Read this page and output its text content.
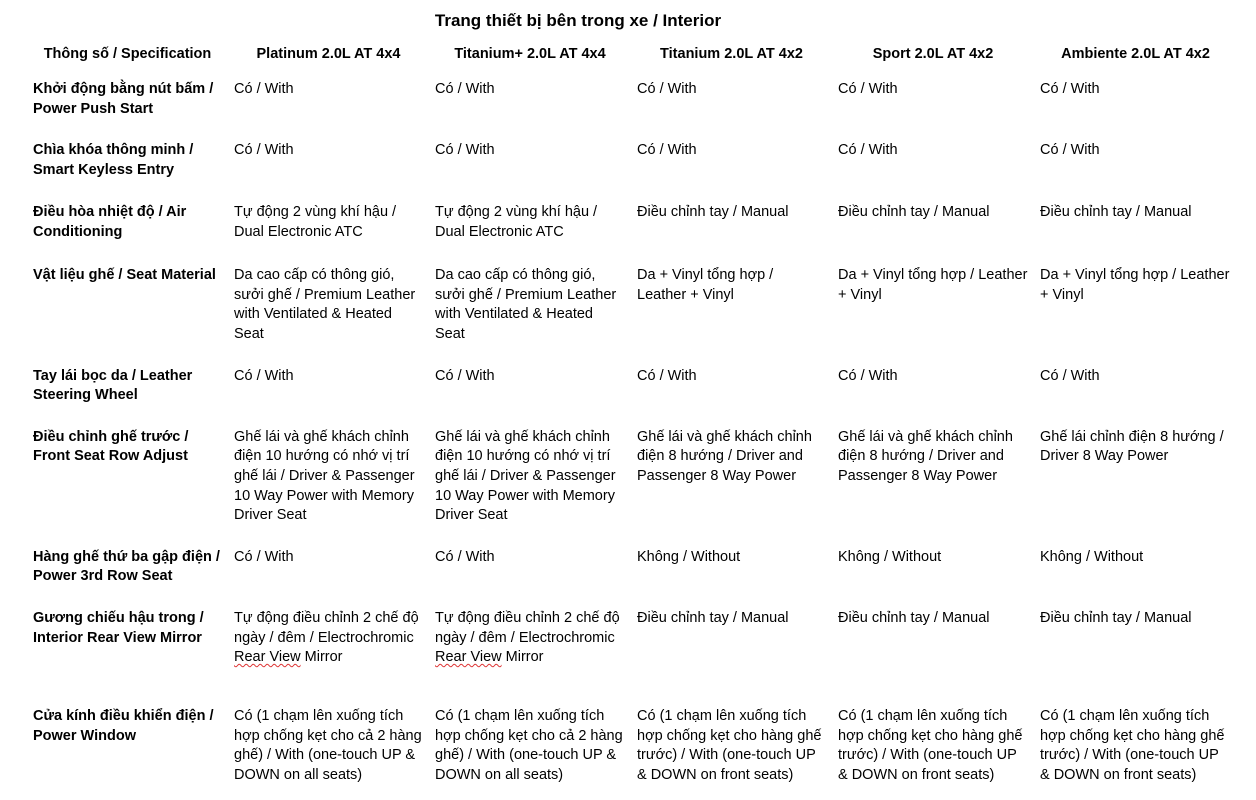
Trang thiết bị bên trong xe / Interior
Thông số / Specification	Platinum 2.0L AT 4x4	Titanium+ 2.0L AT 4x4	Titanium 2.0L AT 4x2	Sport 2.0L AT 4x2	Ambiente 2.0L AT 4x2
Khởi động bằng nút bấm / Power Push Start	Có / With	Có / With	Có / With	Có / With	Có / With
Chìa khóa thông minh / Smart Keyless Entry	Có / With	Có / With	Có / With	Có / With	Có / With
Điều hòa nhiệt độ / Air Conditioning	Tự động 2 vùng khí hậu / Dual Electronic ATC	Tự động 2 vùng khí hậu / Dual Electronic ATC	Điều chỉnh tay / Manual	Điều chỉnh tay / Manual	Điều chỉnh tay / Manual
Vật liệu ghế / Seat Material	Da cao cấp có thông gió, sưởi ghế / Premium Leather with Ventilated & Heated Seat	Da cao cấp có thông gió, sưởi ghế / Premium Leather with Ventilated & Heated Seat	Da + Vinyl tổng hợp / Leather + Vinyl	Da + Vinyl tổng hợp / Leather + Vinyl	Da + Vinyl tổng hợp / Leather + Vinyl
Tay lái bọc da / Leather Steering Wheel	Có / With	Có / With	Có / With	Có / With	Có / With
Điều chỉnh ghế trước / Front Seat Row Adjust	Ghế lái và ghế khách chỉnh điện 10 hướng có nhớ vị trí ghế lái / Driver & Passenger 10 Way Power with Memory Driver Seat	Ghế lái và ghế khách chỉnh điện 10 hướng có nhớ vị trí ghế lái / Driver & Passenger 10 Way Power with Memory Driver Seat	Ghế lái và ghế khách chỉnh điện 8 hướng / Driver and Passenger 8 Way Power	Ghế lái và ghế khách chỉnh điện 8 hướng / Driver and Passenger 8 Way Power	Ghế lái chỉnh điện 8 hướng / Driver 8 Way Power
Hàng ghế thứ ba gập điện / Power 3rd Row Seat	Có / With	Có / With	Không / Without	Không / Without	Không / Without
Gương chiếu hậu trong / Interior Rear View Mirror	Tự động điều chỉnh 2 chế độ ngày / đêm / Electrochromic Rear View Mirror	Tự động điều chỉnh 2 chế độ ngày / đêm / Electrochromic Rear View Mirror	Điều chỉnh tay / Manual	Điều chỉnh tay / Manual	Điều chỉnh tay / Manual
Cửa kính điều khiển điện / Power Window	Có (1 chạm lên xuống tích hợp chống kẹt cho cả 2 hàng ghế) / With (one-touch UP & DOWN on all seats)	Có (1 chạm lên xuống tích hợp chống kẹt cho cả 2 hàng ghế) / With (one-touch UP & DOWN on all seats)	Có (1 chạm lên xuống tích hợp chống kẹt cho hàng ghế trước) / With (one-touch UP & DOWN on front seats)	Có (1 chạm lên xuống tích hợp chống kẹt cho hàng ghế trước) / With (one-touch UP & DOWN on front seats)	Có (1 chạm lên xuống tích hợp chống kẹt cho hàng ghế trước) / With (one-touch UP & DOWN on front seats)
